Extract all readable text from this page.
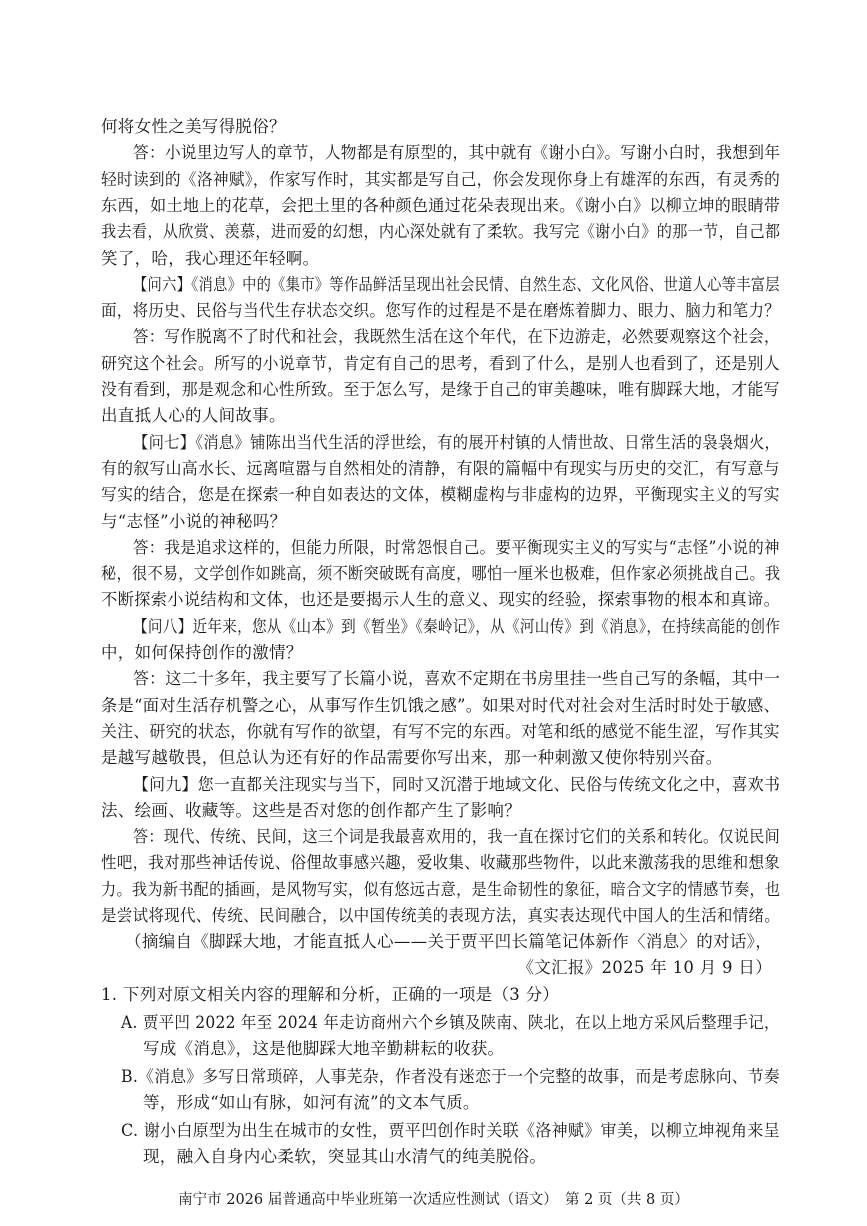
何将女性之美写得脱俗？
答：小说里边写人的章节，人物都是有原型的，其中就有《谢小白》。写谢小白时，我想到年
轻时读到的《洛神赋》，作家写作时，其实都是写自己，你会发现你身上有雄浑的东西，有灵秀的
东西，如土地上的花草，会把土里的各种颜色通过花朵表现出来。《谢小白》以柳立坤的眼睛带
我去看，从欣赏、羡慕，进而爱的幻想，内心深处就有了柔软。我写完《谢小白》的那一节，自己都
笑了，哈，我心理还年轻啊。
【问六】《消息》中的《集市》等作品鲜活呈现出社会民情、自然生态、文化风俗、世道人心等丰富层
面，将历史、民俗与当代生存状态交织。您写作的过程是不是在磨炼着脚力、眼力、脑力和笔力？
答：写作脱离不了时代和社会，我既然生活在这个年代，在下边游走，必然要观察这个社会，
研究这个社会。所写的小说章节，肯定有自己的思考，看到了什么，是别人也看到了，还是别人
没有看到，那是观念和心性所致。至于怎么写，是缘于自己的审美趣味，唯有脚踩大地，才能写
出直抵人心的人间故事。
【问七】《消息》铺陈出当代生活的浮世绘，有的展开村镇的人情世故、日常生活的袅袅烟火，
有的叙写山高水长、远离喧嚣与自然相处的清静，有限的篇幅中有现实与历史的交汇，有写意与
写实的结合，您是在探索一种自如表达的文体，模糊虚构与非虚构的边界，平衡现实主义的写实
与“志怪”小说的神秘吗？
答：我是追求这样的，但能力所限，时常怨恨自己。要平衡现实主义的写实与“志怪”小说的神
秘，很不易，文学创作如跳高，须不断突破既有高度，哪怕一厘米也极难，但作家必须挑战自己。我
不断探索小说结构和文体，也还是要揭示人生的意义、现实的经验，探索事物的根本和真谛。
【问八】近年来，您从《山本》到《暂坐》《秦岭记》，从《河山传》到《消息》，在持续高能的创作
中，如何保持创作的激情？
答：这二十多年，我主要写了长篇小说，喜欢不定期在书房里挂一些自己写的条幅，其中一
条是“面对生活存机警之心，从事写作生饥饿之感”。如果对时代对社会对生活时时处于敏感、
关注、研究的状态，你就有写作的欲望，有写不完的东西。对笔和纸的感觉不能生涩，写作其实
是越写越敬畏，但总认为还有好的作品需要你写出来，那一种刺激又使你特别兴奋。
【问九】您一直都关注现实与当下，同时又沉潜于地域文化、民俗与传统文化之中，喜欢书
法、绘画、收藏等。这些是否对您的创作都产生了影响？
答：现代、传统、民间，这三个词是我最喜欢用的，我一直在探讨它们的关系和转化。仅说民间
性吧，我对那些神话传说、俗俚故事感兴趣，爱收集、收藏那些物件，以此来激荡我的思维和想象
力。我为新书配的插画，是风物写实，似有悠远古意，是生命韧性的象征，暗合文字的情感节奏，也
是尝试将现代、传统、民间融合，以中国传统美的表现方法，真实表达现代中国人的生活和情绪。
（摘编自《脚踩大地，才能直抵人心——关于贾平凹长篇笔记体新作〈消息〉的对话》，
《文汇报》2025 年 10 月 9 日）
1. 下列对原文相关内容的理解和分析，正确的一项是（3 分）
A. 贾平凹 2022 年至 2024 年走访商州六个乡镇及陕南、陕北，在以上地方采风后整理手记，
写成《消息》，这是他脚踩大地辛勤耕耘的收获。
B.《消息》多写日常琐碎，人事芜杂，作者没有迷恋于一个完整的故事，而是考虑脉向、节奏
等，形成“如山有脉，如河有流”的文本气质。
C. 谢小白原型为出生在城市的女性，贾平凹创作时关联《洛神赋》审美，以柳立坤视角来呈
现，融入自身内心柔软，突显其山水清气的纯美脱俗。
南宁市 2026 届普通高中毕业班第一次适应性测试（语文）　第 2 页（共 8 页）
